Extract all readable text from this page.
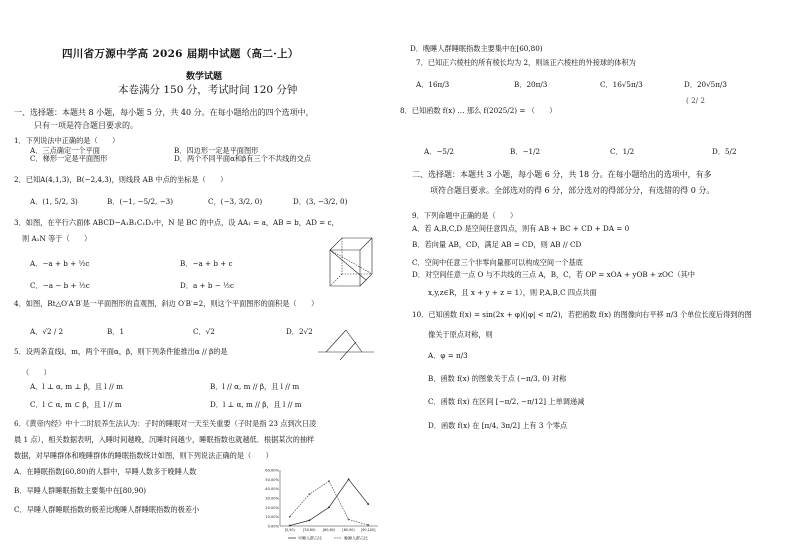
四川省万源中学高 2026 届期中试题（高二·上）
数学试题
本卷满分 150 分，考试时间 120 分钟
一、选择题：本题共 8 小题，每小题 5 分，共 40 分。在每小题给出的四个选项中，
只有一项是符合题目要求的。
1．下列说法中正确的是（　　）
A．三点确定一个平面	B．四边形一定是平面图形
C．梯形一定是平面图形	D．两个不同平面α和β有三个不共线的交点
2．已知A(4,1,3)，B(−2,4,3)，则线段 AB 中点的坐标是（　　）
A．(1, 5/2, 3)	B．(−1, −5/2, −3)	C．(−3, 3/2, 0)	D．(3, −3/2, 0)
3．如图，在平行六面体 ABCD−A₁B₁C₁D₁中，N 是 BC 的中点，设 AA₁ = a，AB = b，AD = c，
则 A₁N 等于（　　）
A．−a + b + ½c	B．−a + b + c
C．−a − b + ½c	D．a + b − ½c
4．如图，Rt△O′A′B′是一平面图形的直观图，斜边 O′B′=2，则这个平面图形的面积是（　　）
A．√2 / 2	B．1	C．√2	D．2√2
5．设两条直线l，m，两个平面α，β，则下列条件能推出α // β的是
（　　）
A．l ⊥ α, m ⊥ β，且 l // m	B．l // α, m // β，且 l // m
C．l ⊂ α, m ⊂ β，且 l // m	D．l ⊥ α, m // β，且 l // m
6．《黄帝内经》中十二时辰养生法认为：子时的睡眠对一天至关重要（子时是指 23 点到次日凌
晨 1 点），相关数据表明，入睡时间越晚，沉睡时间越少，睡眠指数也就越低．根据某次的抽样
数据，对早睡群体和晚睡群体的睡眠指数统计如图，则下列说法正确的是（　　）
A．在睡眠指数[60,80)的人群中，早睡人数多于晚睡人数
B．早睡人群睡眠指数主要集中在[80,90)
C．早睡人群睡眠指数的极差比晚睡人群睡眠指数的极差小
60.00%
50.00%
40.00%
30.00%
20.00%
10.00%
0.00%
[0,50) [50,60) [60,80) [80,90) [90,100]
早睡人群占比	晚睡人群占比
D．晚睡人群睡眠指数主要集中在[60,80)
7．已知正六棱柱的所有棱长均为 2，则该正六棱柱的外接球的体积为
A．16π/3	B．20π/3	C．16√5π/3	D．20√5π/3
( 2/ 2
8．已知函数 f(x) … 那么 f(2025/2) = （　　）
A．−5/2	B．−1/2	C．1/2	D．5/2
二、选择题：本题共 3 小题，每小题 6 分，共 18 分。在每小题给出的选项中，有多
项符合题目要求。全部选对的得 6 分，部分选对的得部分分，有选错的得 0 分。
9．下列命题中正确的是（　　）
A．若 A,B,C,D 是空间任意四点，则有 AB + BC + CD + DA = 0
B．若向量 AB，CD，满足 AB = CD，则 AB // CD
C．空间中任意三个非零向量都可以构成空间一个基底
D．对空间任意一点 O 与不共线的三点 A，B，C，若 OP = xOA + yOB + zOC（其中
x,y,z∈R，且 x + y + z = 1），则 P,A,B,C 四点共面
10．已知函数 f(x) = sin(2x + φ)(|φ| < π/2)，若把函数 f(x) 的图像向右平移 π/3 个单位长度后得到的图
像关于原点对称，则
A．φ = π/3
B．函数 f(x) 的图象关于点 (−π/3, 0) 对称
C．函数 f(x) 在区间 [−π/2, −π/12] 上单调递减
D．函数 f(x) 在 [π/4, 3π/2] 上有 3 个零点
